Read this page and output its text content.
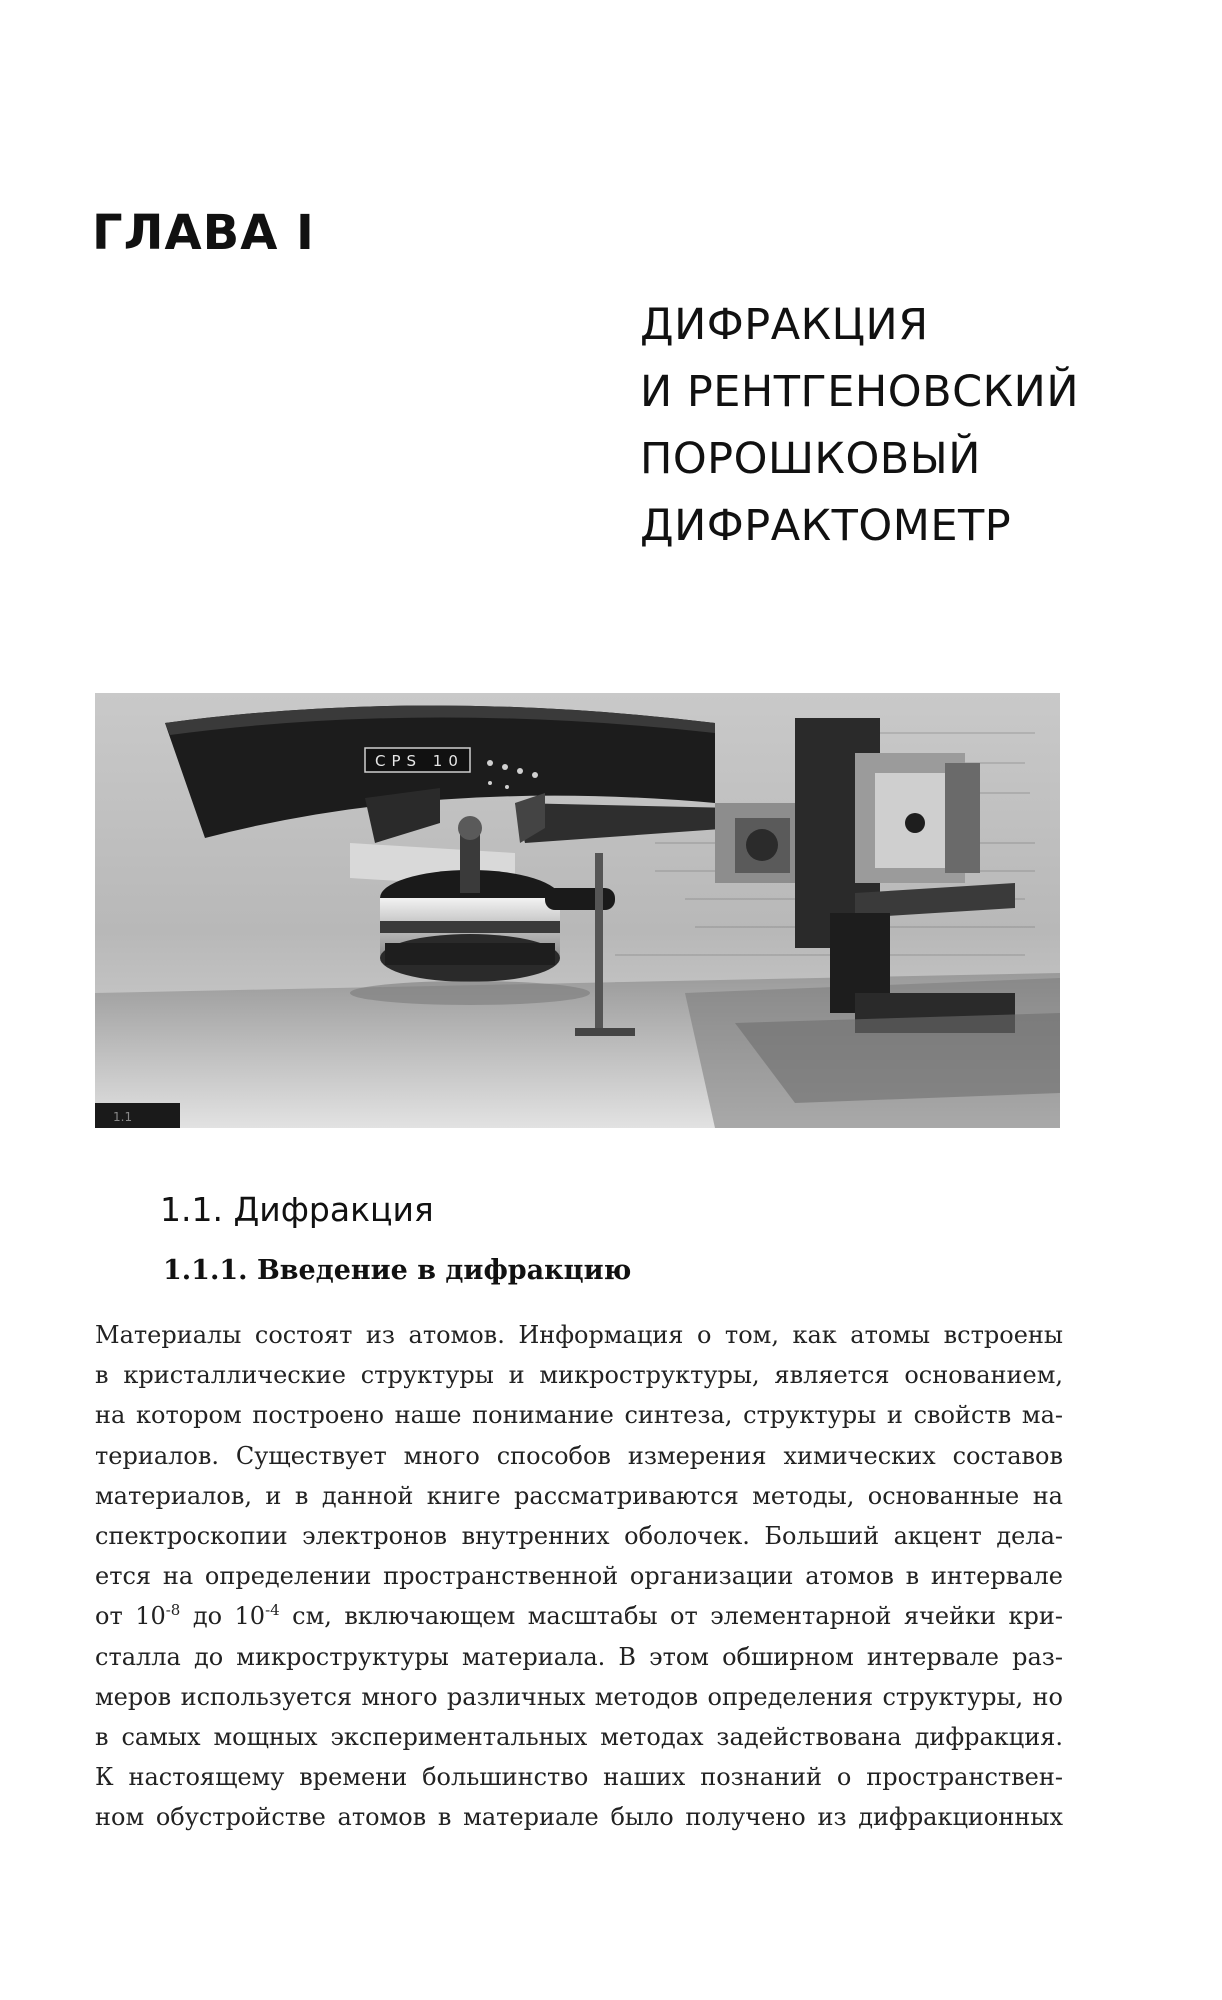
ГЛАВА I
ДИФРАКЦИЯ
И РЕНТГЕНОВСКИЙ
ПОРОШКОВЫЙ
ДИФРАКТОМЕТР
CPS 10
1.1
1.1. Дифракция
1.1.1. Введение в дифракцию
Материалы состоят из атомов. Информация о том, как атомы встроены
в кристаллические структуры и микроструктуры, является основанием,
на котором построено наше понимание синтеза, структуры и свойств ма-
териалов. Существует много способов измерения химических составов
материалов, и в данной книге рассматриваются методы, основанные на
спектроскопии электронов внутренних оболочек. Больший акцент дела-
ется на определении пространственной организации атомов в интервале
от $10^{-8}$ до $10^{-4}$ см, включающем масштабы от элементарной ячейки кри-
сталла до микроструктуры материала. В этом обширном интервале раз-
меров используется много различных методов определения структуры, но
в самых мощных экспериментальных методах задействована дифракция.
К настоящему времени большинство наших познаний о пространствен-
ном обустройстве атомов в материале было получено из дифракционных
